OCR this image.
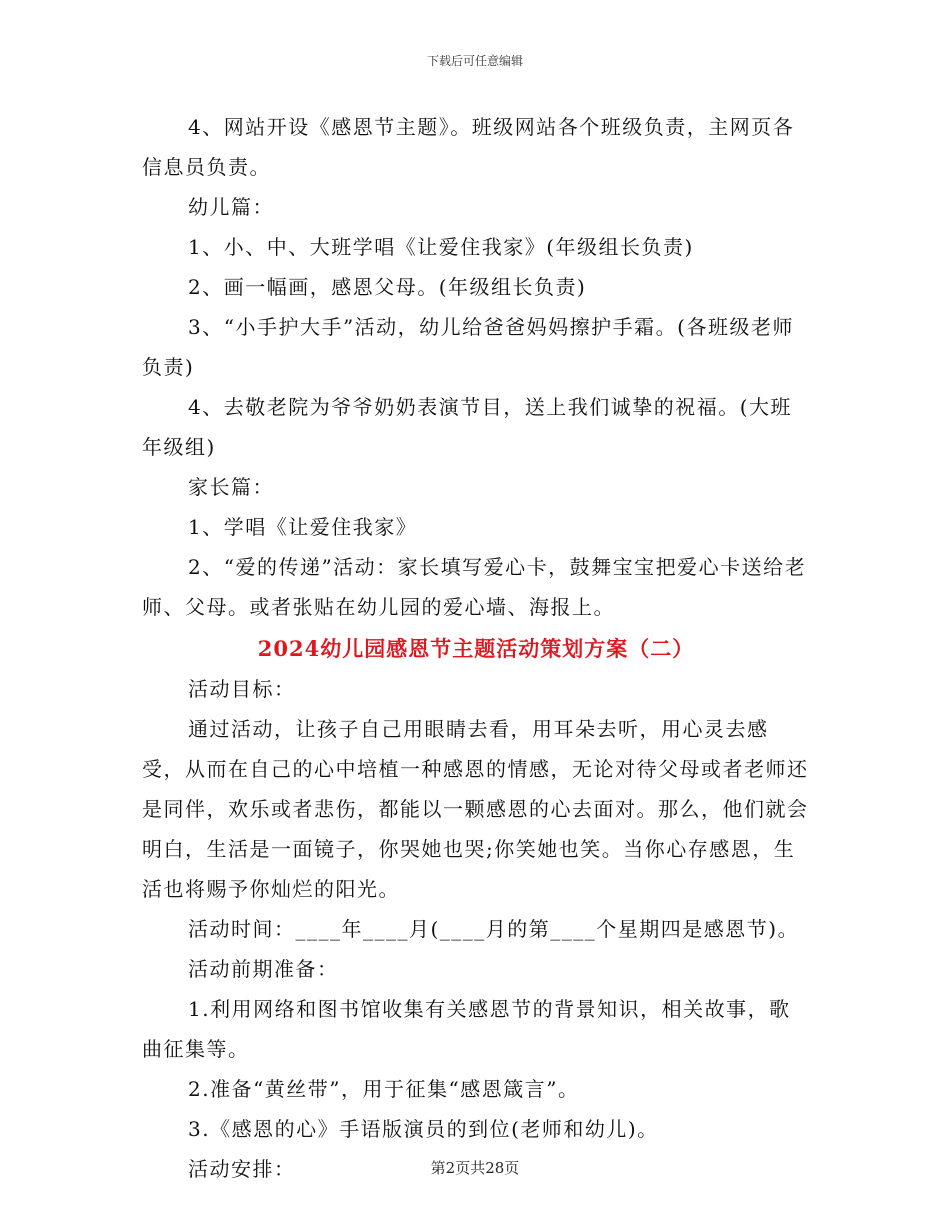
下载后可任意编辑

4、网站开设《感恩节主题》。班级网站各个班级负责，主网页各信息员负责。

幼儿篇：

1、小、中、大班学唱《让爱住我家》(年级组长负责)

2、画一幅画，感恩父母。(年级组长负责)

3、“小手护大手”活动，幼儿给爸爸妈妈擦护手霜。(各班级老师负责)

4、去敬老院为爷爷奶奶表演节目，送上我们诚挚的祝福。(大班年级组)

家长篇：

1、学唱《让爱住我家》

2、“爱的传递”活动：家长填写爱心卡，鼓舞宝宝把爱心卡送给老师、父母。或者张贴在幼儿园的爱心墙、海报上。

2024幼儿园感恩节主题活动策划方案（二）

活动目标：

通过活动，让孩子自己用眼睛去看，用耳朵去听，用心灵去感受，从而在自己的心中培植一种感恩的情感，无论对待父母或者老师还是同伴，欢乐或者悲伤，都能以一颗感恩的心去面对。那么，他们就会明白，生活是一面镜子，你哭她也哭;你笑她也笑。当你心存感恩，生活也将赐予你灿烂的阳光。

活动时间：____年____月(____月的第____个星期四是感恩节)。

活动前期准备：

1.利用网络和图书馆收集有关感恩节的背景知识，相关故事，歌曲征集等。

2.准备“黄丝带”，用于征集“感恩箴言”。

3.《感恩的心》手语版演员的到位(老师和幼儿)。

活动安排：	第2页共28页
